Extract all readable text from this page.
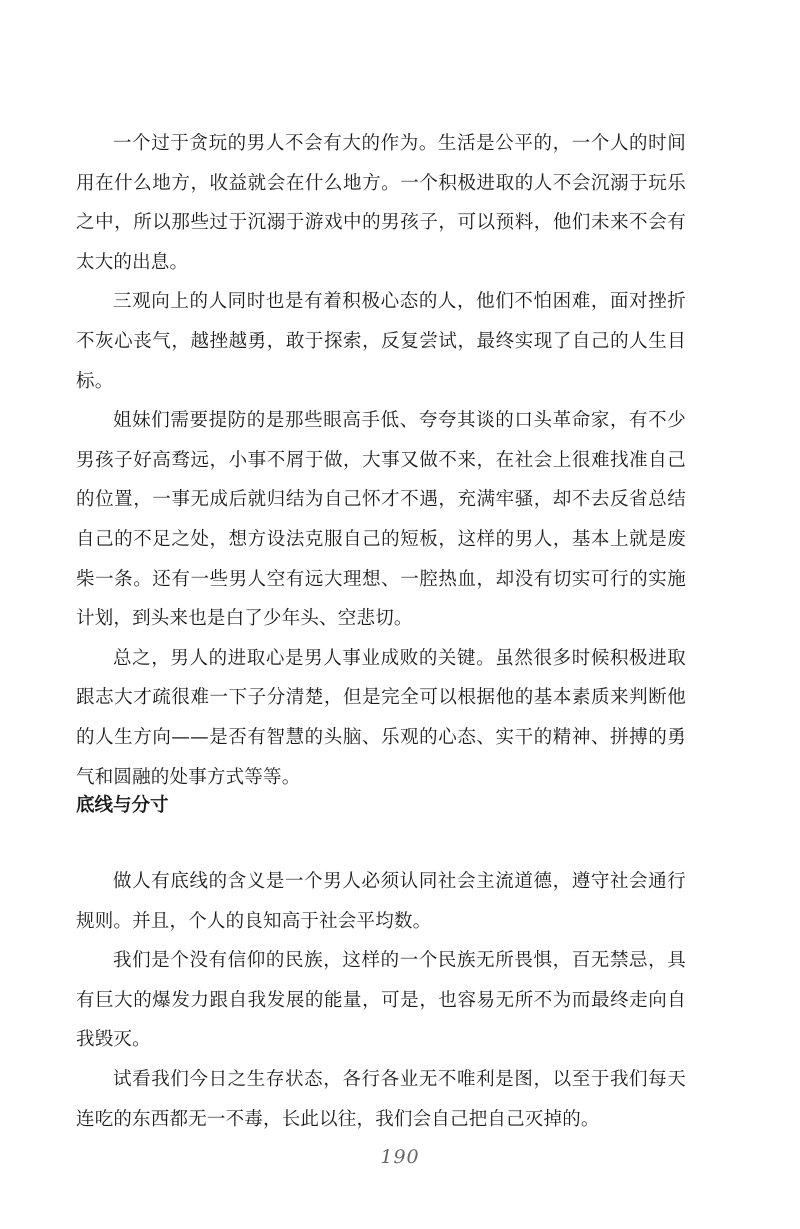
一个过于贪玩的男人不会有大的作为。生活是公平的，一个人的时间用在什么地方，收益就会在什么地方。一个积极进取的人不会沉溺于玩乐之中，所以那些过于沉溺于游戏中的男孩子，可以预料，他们未来不会有太大的出息。

三观向上的人同时也是有着积极心态的人，他们不怕困难，面对挫折不灰心丧气，越挫越勇，敢于探索，反复尝试，最终实现了自己的人生目标。

姐妹们需要提防的是那些眼高手低、夸夸其谈的口头革命家，有不少男孩子好高骛远，小事不屑于做，大事又做不来，在社会上很难找准自己的位置，一事无成后就归结为自己怀才不遇，充满牢骚，却不去反省总结自己的不足之处，想方设法克服自己的短板，这样的男人，基本上就是废柴一条。还有一些男人空有远大理想、一腔热血，却没有切实可行的实施计划，到头来也是白了少年头、空悲切。

总之，男人的进取心是男人事业成败的关键。虽然很多时候积极进取跟志大才疏很难一下子分清楚，但是完全可以根据他的基本素质来判断他的人生方向——是否有智慧的头脑、乐观的心态、实干的精神、拼搏的勇气和圆融的处事方式等等。

底线与分寸

做人有底线的含义是一个男人必须认同社会主流道德，遵守社会通行规则。并且，个人的良知高于社会平均数。

我们是个没有信仰的民族，这样的一个民族无所畏惧，百无禁忌，具有巨大的爆发力跟自我发展的能量，可是，也容易无所不为而最终走向自我毁灭。

试看我们今日之生存状态，各行各业无不唯利是图，以至于我们每天连吃的东西都无一不毒，长此以往，我们会自己把自己灭掉的。

190
